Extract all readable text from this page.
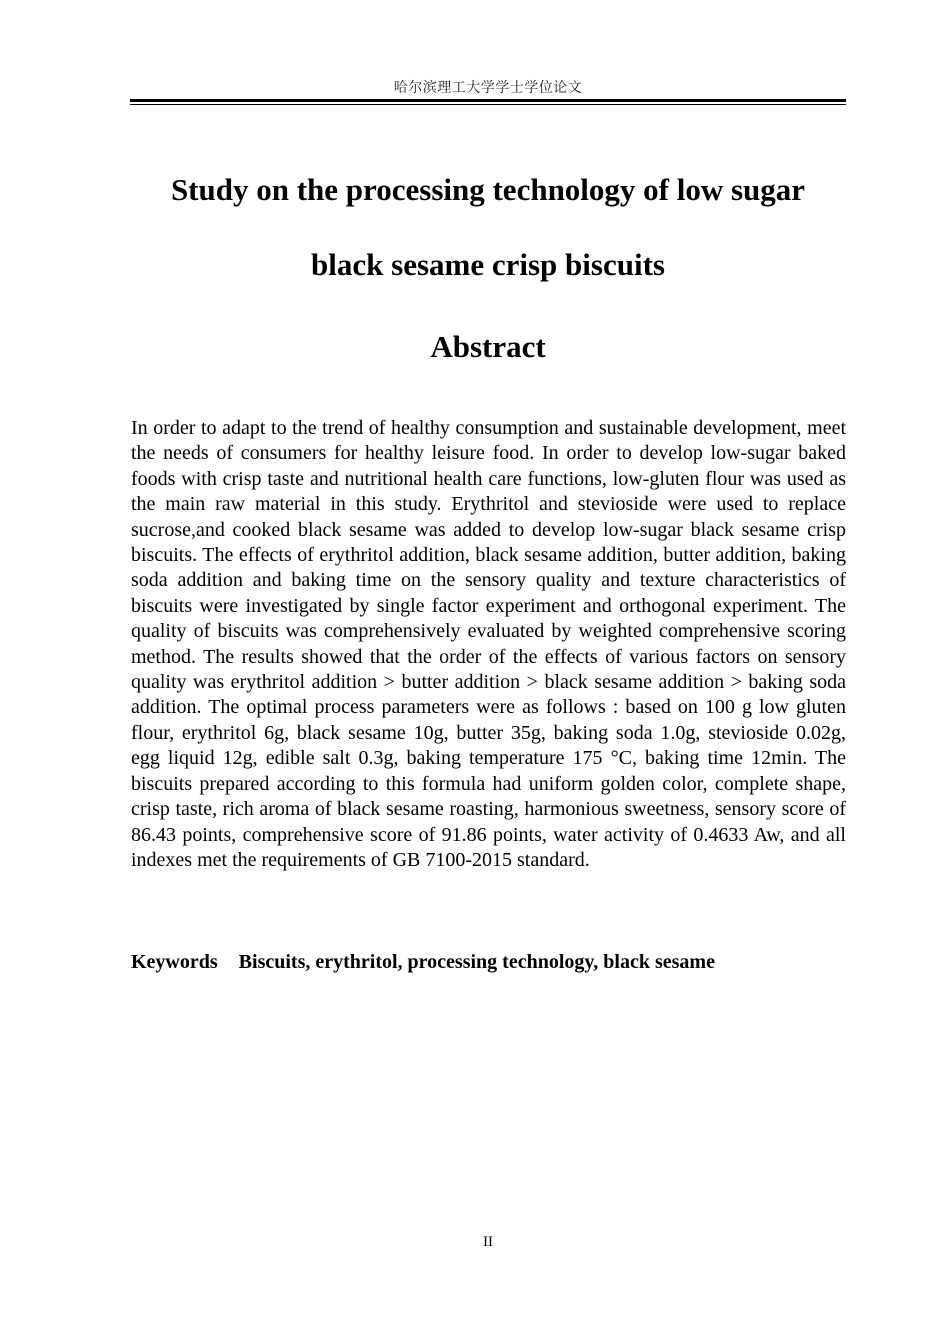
哈尔滨理工大学学士学位论文
Study on the processing technology of low sugar
black sesame crisp biscuits
Abstract

In order to adapt to the trend of healthy consumption and sustainable development, meet the needs of consumers for healthy leisure food. In order to develop low-sugar baked foods with crisp taste and nutritional health care functions, low-gluten flour was used as the main raw material in this study. Erythritol and stevioside were used to replace sucrose,and cooked black sesame was added to develop low-sugar black sesame crisp biscuits. The effects of erythritol addition, black sesame addition, butter addition, baking soda addition and baking time on the sensory quality and texture characteristics of biscuits were investigated by single factor experiment and orthogonal experiment. The quality of biscuits was comprehensively evaluated by weighted comprehensive scoring method. The results showed that the order of the effects of various factors on sensory quality was erythritol addition > butter addition > black sesame addition > baking soda addition. The optimal process parameters were as follows : based on 100 g low gluten flour, erythritol 6g, black sesame 10g, butter 35g, baking soda 1.0g, stevioside 0.02g, egg liquid 12g, edible salt 0.3g, baking temperature 175 °C, baking time 12min. The biscuits prepared according to this formula had uniform golden color, complete shape, crisp taste, rich aroma of black sesame roasting, harmonious sweetness, sensory score of 86.43 points, comprehensive score of 91.86 points, water activity of 0.4633 Aw, and all indexes met the requirements of GB 7100-2015 standard.

Keywords Biscuits, erythritol, processing technology, black sesame

II
